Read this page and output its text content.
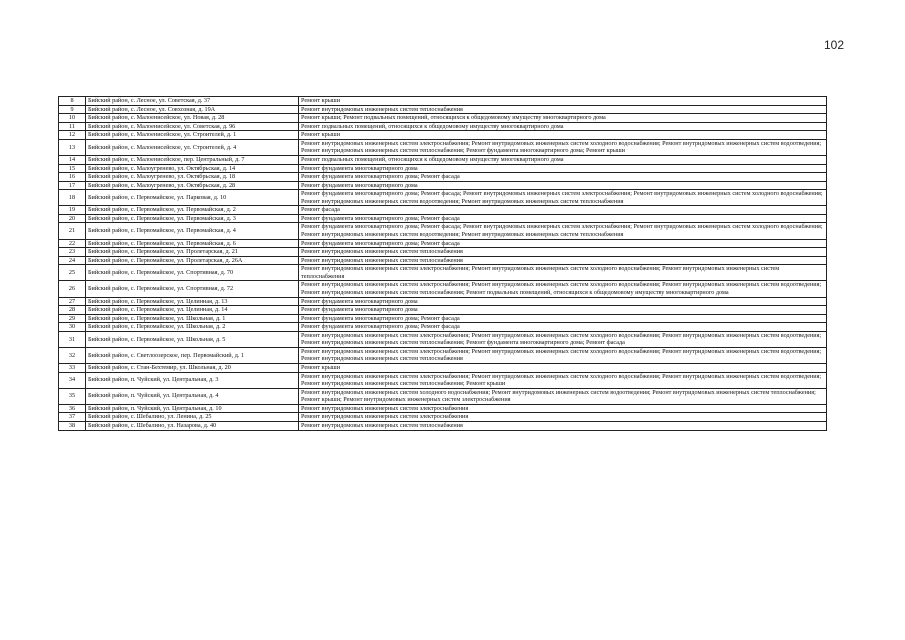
102
8	Бийский район, с. Лесное, ул. Советская, д. 37	Ремонт крыши
9	Бийский район, с. Лесное, ул. Совхозная, д. 19А	Ремонт внутридомовых инженерных систем теплоснабжения
10	Бийский район, с. Малоенисейское, ул. Новая, д. 28	Ремонт крыши; Ремонт подвальных помещений, относящихся к общедомовому имуществу многоквартирного дома
11	Бийский район, с. Малоенисейское, ул. Советская, д. 96	Ремонт подвальных помещений, относящихся к общедомовому имуществу многоквартирного дома
12	Бийский район, с. Малоенисейское, ул. Строителей, д. 1	Ремонт крыши
13	Бийский район, с. Малоенисейское, ул. Строителей, д. 4	Ремонт внутридомовых инженерных систем электроснабжения; Ремонт внутридомовых инженерных систем холодного водоснабжения; Ремонт внутридомовых инженерных систем водоотведения; Ремонт внутридомовых инженерных систем теплоснабжения; Ремонт фундамента многоквартирного дома; Ремонт крыши
14	Бийский район, с. Малоенисейское, пер. Центральный, д. 7	Ремонт подвальных помещений, относящихся к общедомовому имуществу многоквартирного дома
15	Бийский район, с. Малоугренево, ул. Октябрьская, д. 14	Ремонт фундамента многоквартирного дома
16	Бийский район, с. Малоугренево, ул. Октябрьская, д. 18	Ремонт фундамента многоквартирного дома; Ремонт фасада
17	Бийский район, с. Малоугренево, ул. Октябрьская, д. 28	Ремонт фундамента многоквартирного дома
18	Бийский район, с. Первомайское, ул. Парковая, д. 10	Ремонт фундамента многоквартирного дома; Ремонт фасада; Ремонт внутридомовых инженерных систем электроснабжения; Ремонт внутридомовых инженерных систем холодного водоснабжения; Ремонт внутридомовых инженерных систем водоотведения; Ремонт внутридомовых инженерных систем теплоснабжения
19	Бийский район, с. Первомайское, ул. Первомайская, д. 2	Ремонт фасада
20	Бийский район, с. Первомайское, ул. Первомайская, д. 3	Ремонт фундамента многоквартирного дома; Ремонт фасада
21	Бийский район, с. Первомайское, ул. Первомайская, д. 4	Ремонт фундамента многоквартирного дома; Ремонт фасада; Ремонт внутридомовых инженерных систем электроснабжения; Ремонт внутридомовых инженерных систем холодного водоснабжения; Ремонт внутридомовых инженерных систем водоотведения; Ремонт внутридомовых инженерных систем теплоснабжения
22	Бийский район, с. Первомайское, ул. Первомайская, д. 6	Ремонт фундамента многоквартирного дома; Ремонт фасада
23	Бийский район, с. Первомайское, ул. Пролетарская, д. 21	Ремонт внутридомовых инженерных систем теплоснабжения
24	Бийский район, с. Первомайское, ул. Пролетарская, д. 26А	Ремонт внутридомовых инженерных систем теплоснабжения
25	Бийский район, с. Первомайское, ул. Спортивная, д. 70	Ремонт внутридомовых инженерных систем электроснабжения; Ремонт внутридомовых инженерных систем холодного водоснабжения; Ремонт внутридомовых инженерных систем теплоснабжения
26	Бийский район, с. Первомайское, ул. Спортивная, д. 72	Ремонт внутридомовых инженерных систем электроснабжения; Ремонт внутридомовых инженерных систем холодного водоснабжения; Ремонт внутридомовых инженерных систем водоотведения; Ремонт внутридомовых инженерных систем теплоснабжения; Ремонт подвальных помещений, относящихся к общедомовому имуществу многоквартирного дома
27	Бийский район, с. Первомайское, ул. Целинная, д. 13	Ремонт фундамента многоквартирного дома
28	Бийский район, с. Первомайское, ул. Целинная, д. 14	Ремонт фундамента многоквартирного дома
29	Бийский район, с. Первомайское, ул. Школьная, д. 1	Ремонт фундамента многоквартирного дома; Ремонт фасада
30	Бийский район, с. Первомайское, ул. Школьная, д. 2	Ремонт фундамента многоквартирного дома; Ремонт фасада
31	Бийский район, с. Первомайское, ул. Школьная, д. 5	Ремонт внутридомовых инженерных систем электроснабжения; Ремонт внутридомовых инженерных систем холодного водоснабжения; Ремонт внутридомовых инженерных систем водоотведения; Ремонт внутридомовых инженерных систем теплоснабжения; Ремонт фундамента многоквартирного дома; Ремонт фасада
32	Бийский район, с. Светлоозерское, пер. Первомайский, д. 1	Ремонт внутридомовых инженерных систем электроснабжения; Ремонт внутридомовых инженерных систем холодного водоснабжения; Ремонт внутридомовых инженерных систем водоотведения; Ремонт внутридомовых инженерных систем теплоснабжения
33	Бийский район, с. Стан-Бехтемир, ул. Школьная, д. 20	Ремонт крыши
34	Бийский район, п. Чуйский, ул. Центральная, д. 3	Ремонт внутридомовых инженерных систем электроснабжения; Ремонт внутридомовых инженерных систем холодного водоснабжения; Ремонт внутридомовых инженерных систем водоотведения; Ремонт внутридомовых инженерных систем теплоснабжения; Ремонт крыши
35	Бийский район, п. Чуйский, ул. Центральная, д. 4	Ремонт внутридомовых инженерных систем холодного водоснабжения; Ремонт внутридомовых инженерных систем водоотведения; Ремонт внутридомовых инженерных систем теплоснабжения; Ремонт крыши; Ремонт внутридомовых инженерных систем электроснабжения
36	Бийский район, п. Чуйский, ул. Центральная, д. 10	Ремонт внутридомовых инженерных систем электроснабжения
37	Бийский район, с. Шебалино, ул. Ленина, д. 25	Ремонт внутридомовых инженерных систем электроснабжения
38	Бийский район, с. Шебалино, ул. Назарова, д. 40	Ремонт внутридомовых инженерных систем теплоснабжения
